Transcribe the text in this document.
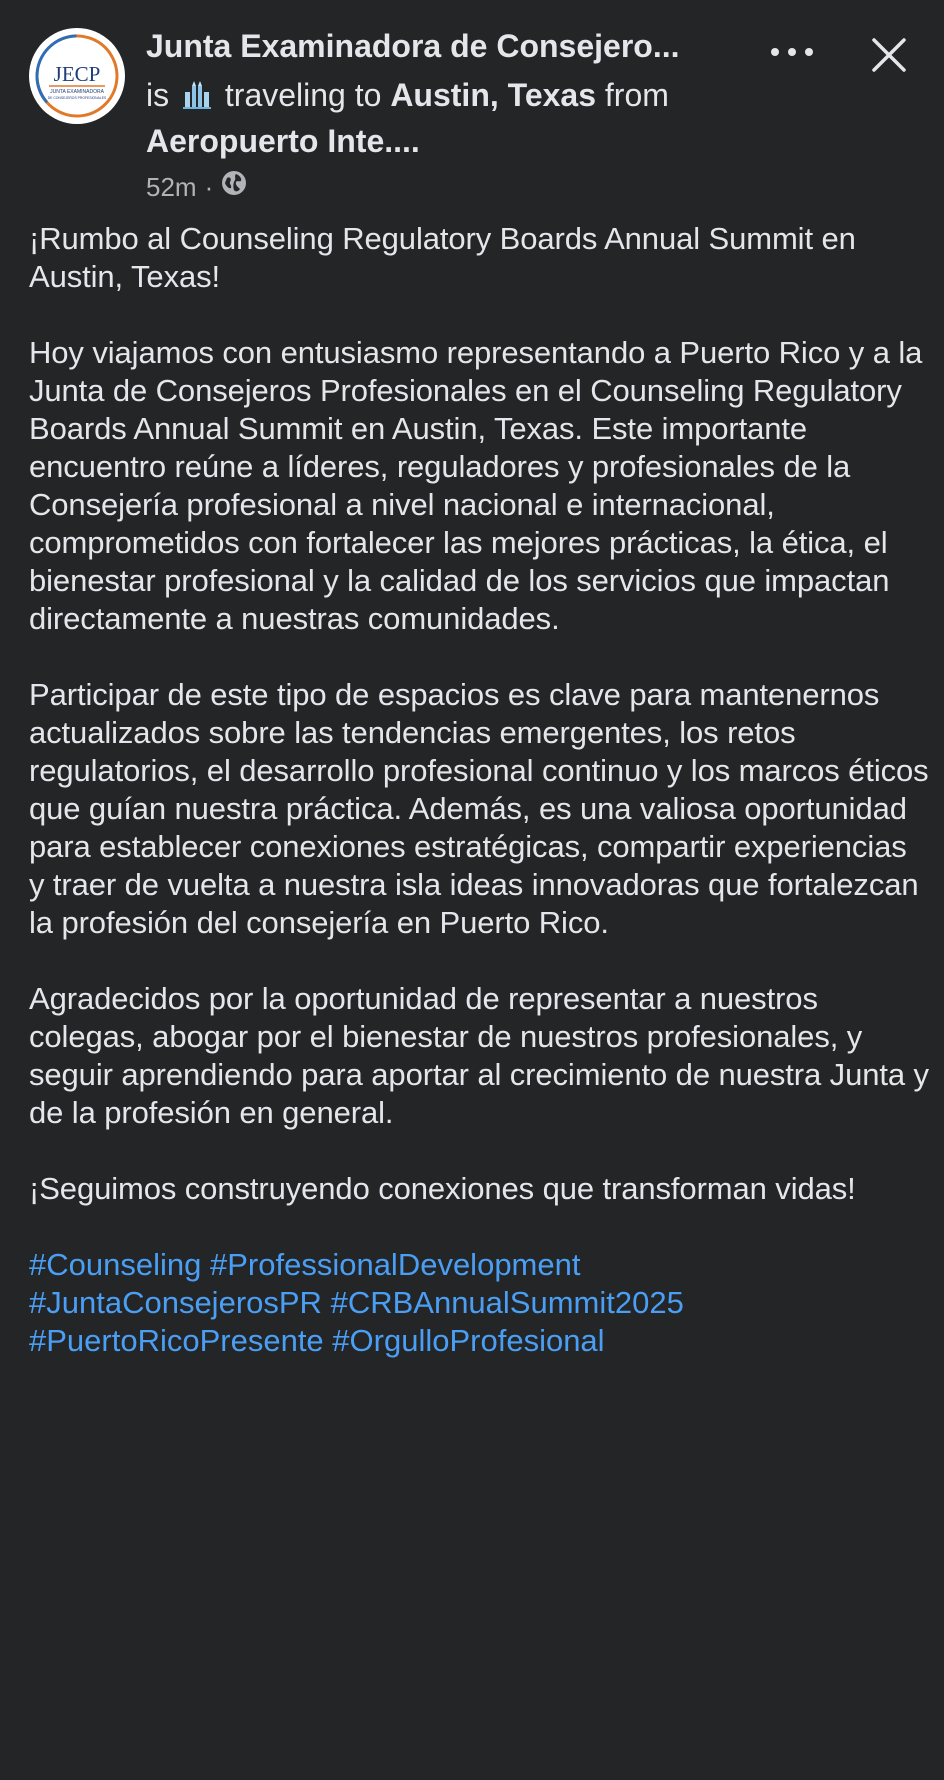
JECP
JUNTA EXAMINADORA
DE CONSEJEROS PROFESIONALES
Junta Examinadora de Consejero...
is traveling to Austin, Texas from
Aeropuerto Inte....
52m ·

¡Rumbo al Counseling Regulatory Boards Annual Summit en Austin, Texas!

Hoy viajamos con entusiasmo representando a Puerto Rico y a la Junta de Consejeros Profesionales en el Counseling Regulatory Boards Annual Summit en Austin, Texas. Este importante encuentro reúne a líderes, reguladores y profesionales de la Consejería profesional a nivel nacional e internacional, comprometidos con fortalecer las mejores prácticas, la ética, el bienestar profesional y la calidad de los servicios que impactan directamente a nuestras comunidades.

Participar de este tipo de espacios es clave para mantenernos actualizados sobre las tendencias emergentes, los retos regulatorios, el desarrollo profesional continuo y los marcos éticos que guían nuestra práctica. Además, es una valiosa oportunidad para establecer conexiones estratégicas, compartir experiencias y traer de vuelta a nuestra isla ideas innovadoras que fortalezcan la profesión del consejería en Puerto Rico.

Agradecidos por la oportunidad de representar a nuestros colegas, abogar por el bienestar de nuestros profesionales, y seguir aprendiendo para aportar al crecimiento de nuestra Junta y de la profesión en general.

¡Seguimos construyendo conexiones que transforman vidas!

#Counseling #ProfessionalDevelopment
#JuntaConsejerosPR #CRBAnnualSummit2025
#PuertoRicoPresente #OrgulloProfesional
